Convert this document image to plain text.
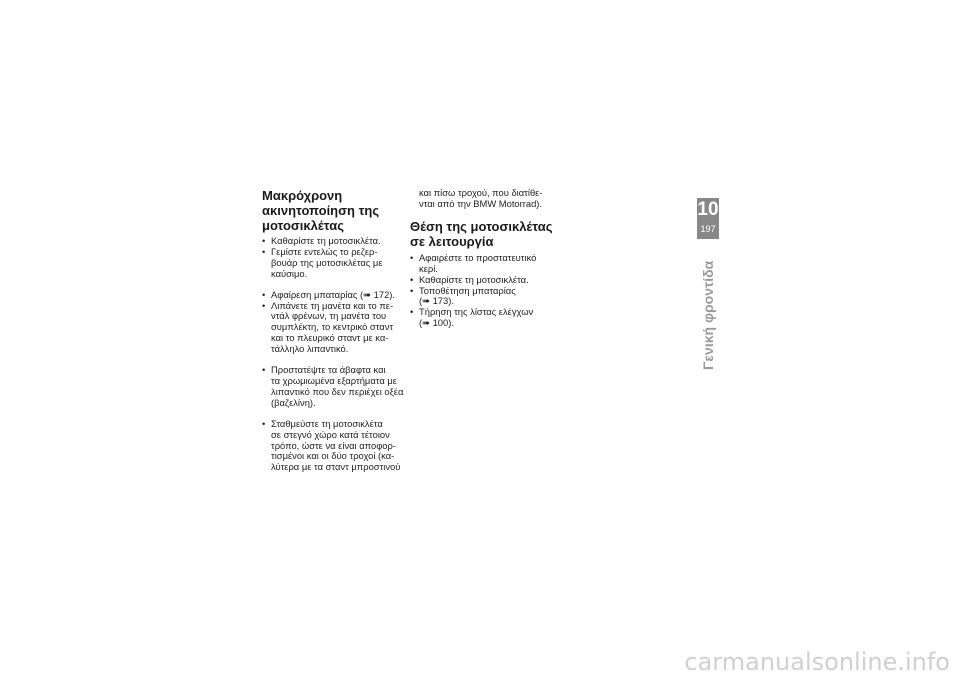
Μακρόχρονη
ακινητοποίηση της
μοτοσικλέτας
• Καθαρίστε τη μοτοσικλέτα.
• Γεμίστε εντελώς το ρεζερ-
βουάρ της μοτοσικλέτας με
καύσιμο.
• Αφαίρεση μπαταρίας (➠ 172).
• Λιπάνετε τη μανέτα και το πε-
ντάλ φρένων, τη μανέτα του
συμπλέκτη, το κεντρικό σταντ
και το πλευρικό σταντ με κα-
τάλληλο λιπαντικό.
• Προστατέψτε τα άβαφτα και
τα χρωμιωμένα εξαρτήματα με
λιπαντικό που δεν περιέχει οξέα
(βαζελίνη).
• Σταθμεύστε τη μοτοσικλέτα
σε στεγνό χώρο κατά τέτοιον
τρόπο, ώστε να είναι αποφορ-
τισμένοι και οι δύο τροχοί (κα-
λύτερα με τα σταντ μπροστινού
και πίσω τροχού, που διατίθε-
νται από την BMW Motorrad).
Θέση της μοτοσικλέτας
σε λειτουργία
• Αφαιρέστε το προστατευτικό
κερί.
• Καθαρίστε τη μοτοσικλέτα.
• Τοποθέτηση μπαταρίας
(➠ 173).
• Τήρηση της λίστας ελέγχων
(➠ 100).
10
197
Γενική φροντίδα
carmanualsonline.info
